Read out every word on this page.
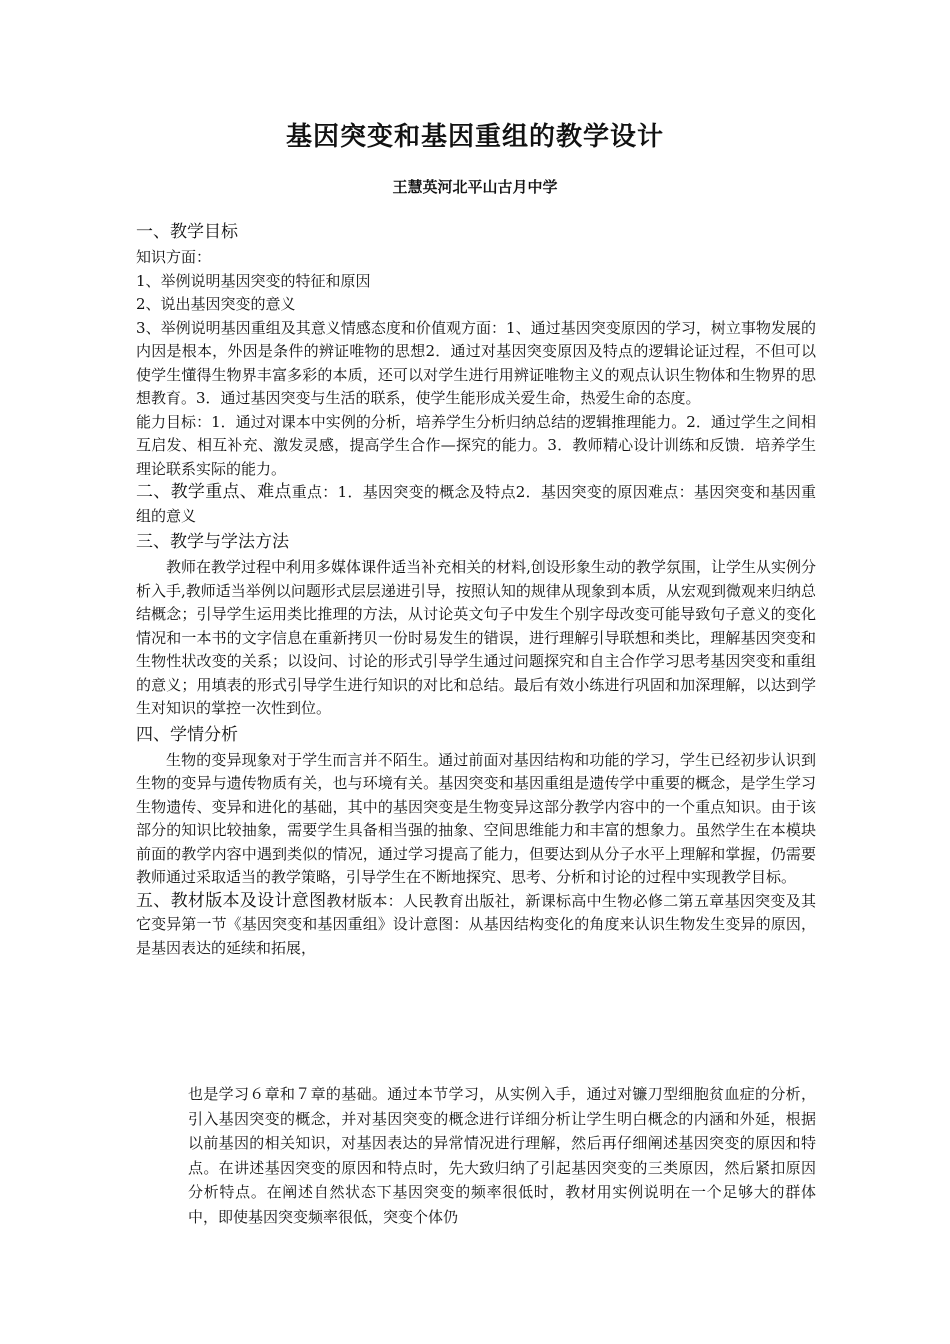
基因突变和基因重组的教学设计
王慧英河北平山古月中学
一、教学目标

知识方面：

1、举例说明基因突变的特征和原因

2、说出基因突变的意义

3、举例说明基因重组及其意义情感态度和价值观方面：1、通过基因突变原因的学习，树立事物发展的内因是根本，外因是条件的辨证唯物的思想2．通过对基因突变原因及特点的逻辑论证过程，不但可以使学生懂得生物界丰富多彩的本质，还可以对学生进行用辨证唯物主义的观点认识生物体和生物界的思想教育。3．通过基因突变与生活的联系，使学生能形成关爱生命，热爱生命的态度。

能力目标：1．通过对课本中实例的分析，培养学生分析归纳总结的逻辑推理能力。2．通过学生之间相互启发、相互补充、激发灵感，提高学生合作—探究的能力。3．教师精心设计训练和反馈．培养学生理论联系实际的能力。

二、教学重点、难点重点：1．基因突变的概念及特点2．基因突变的原因难点：基因突变和基因重组的意义

三、教学与学法方法

教师在教学过程中利用多媒体课件适当补充相关的材料,创设形象生动的教学氛围，让学生从实例分析入手,教师适当举例以问题形式层层递进引导，按照认知的规律从现象到本质，从宏观到微观来归纳总结概念；引导学生运用类比推理的方法，从讨论英文句子中发生个别字母改变可能导致句子意义的变化情况和一本书的文字信息在重新拷贝一份时易发生的错误，进行理解引导联想和类比，理解基因突变和生物性状改变的关系；以设问、讨论的形式引导学生通过问题探究和自主合作学习思考基因突变和重组的意义；用填表的形式引导学生进行知识的对比和总结。最后有效小练进行巩固和加深理解，以达到学生对知识的掌控一次性到位。

四、学情分析

生物的变异现象对于学生而言并不陌生。通过前面对基因结构和功能的学习，学生已经初步认识到生物的变异与遗传物质有关，也与环境有关。基因突变和基因重组是遗传学中重要的概念，是学生学习生物遗传、变异和进化的基础，其中的基因突变是生物变异这部分教学内容中的一个重点知识。由于该部分的知识比较抽象，需要学生具备相当强的抽象、空间思维能力和丰富的想象力。虽然学生在本模块前面的教学内容中遇到类似的情况，通过学习提高了能力，但要达到从分子水平上理解和掌握，仍需要教师通过采取适当的教学策略，引导学生在不断地探究、思考、分析和讨论的过程中实现教学目标。

五、教材版本及设计意图教材版本：人民教育出版社，新课标高中生物必修二第五章基因突变及其它变异第一节《基因突变和基因重组》设计意图：从基因结构变化的角度来认识生物发生变异的原因，是基因表达的延续和拓展，

也是学习６章和７章的基础。通过本节学习，从实例入手，通过对镰刀型细胞贫血症的分析，引入基因突变的概念，并对基因突变的概念进行详细分析让学生明白概念的内涵和外延，根据以前基因的相关知识，对基因表达的异常情况进行理解，然后再仔细阐述基因突变的原因和特点。在讲述基因突变的原因和特点时，先大致归纳了引起基因突变的三类原因，然后紧扣原因分析特点。在阐述自然状态下基因突变的频率很低时，教材用实例说明在一个足够大的群体中，即使基因突变频率很低，突变个体仍
